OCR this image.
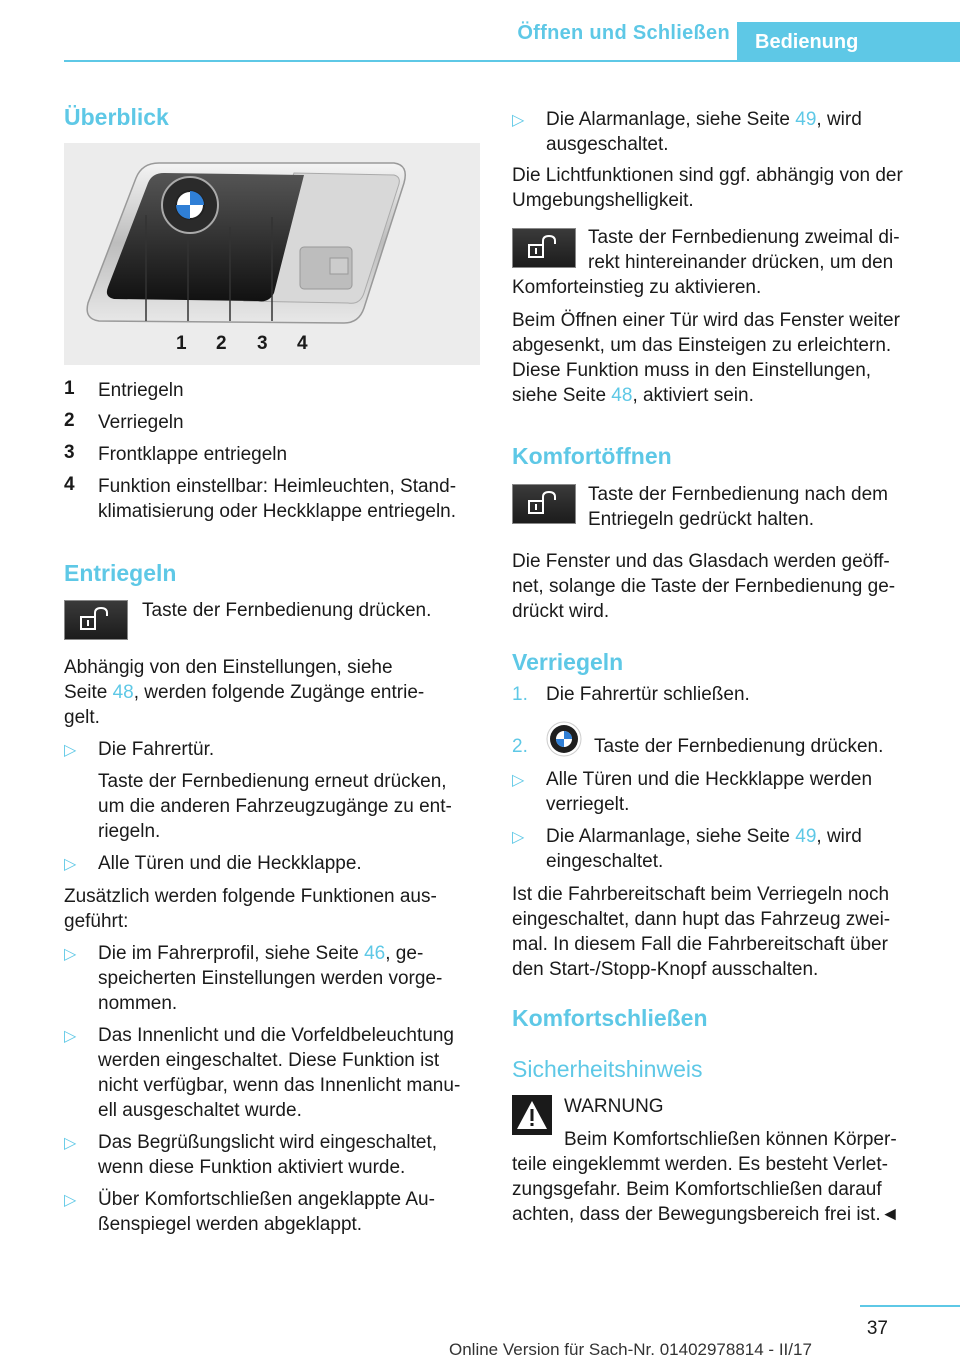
Öffnen und Schließen	Bedienung
Überblick
1 2 3 4
1 Entriegeln
2 Verriegeln
3 Frontklappe entriegeln
4 Funktion einstellbar: Heimleuchten, Stand-
klimatisierung oder Heckklappe entriegeln.
Entriegeln

Taste der Fernbedienung drücken.

Abhängig von den Einstellungen, siehe

Seite 48, werden folgende Zugänge entrie-

gelt.

▷ Die Fahrertür.
Taste der Fernbedienung erneut drücken,
um die anderen Fahrzeugzugänge zu ent-
riegeln.
▷ Alle Türen und die Heckklappe.

Zusätzlich werden folgende Funktionen aus-

geführt:

▷ Die im Fahrerprofil, siehe Seite 46, ge-
speicherten Einstellungen werden vorge-
nommen.
▷ Das Innenlicht und die Vorfeldbeleuchtung
werden eingeschaltet. Diese Funktion ist
nicht verfügbar, wenn das Innenlicht manu-
ell ausgeschaltet wurde.
▷ Das Begrüßungslicht wird eingeschaltet,
wenn diese Funktion aktiviert wurde.
▷ Über Komfortschließen angeklappte Au-
ßenspiegel werden abgeklappt.
▷ Die Alarmanlage, siehe Seite 49, wird
ausgeschaltet.

Die Lichtfunktionen sind ggf. abhängig von der

Umgebungshelligkeit.

Taste der Fernbedienung zweimal di-

rekt hintereinander drücken, um den

Komforteinstieg zu aktivieren.

Beim Öffnen einer Tür wird das Fenster weiter

abgesenkt, um das Einsteigen zu erleichtern.

Diese Funktion muss in den Einstellungen,

siehe Seite 48, aktiviert sein.

Komfortöffnen

Taste der Fernbedienung nach dem

Entriegeln gedrückt halten.

Die Fenster und das Glasdach werden geöff-

net, solange die Taste der Fernbedienung ge-

drückt wird.

Verriegeln
1. Die Fahrertür schließen.
2.	Taste der Fernbedienung drücken.
▷ Alle Türen und die Heckklappe werden
verriegelt.
▷ Die Alarmanlage, siehe Seite 49, wird
eingeschaltet.

Ist die Fahrbereitschaft beim Verriegeln noch

eingeschaltet, dann hupt das Fahrzeug zwei-

mal. In diesem Fall die Fahrbereitschaft über

den Start-/Stopp-Knopf ausschalten.

Komfortschließen
Sicherheitshinweis

WARNUNG

Beim Komfortschließen können Körper-

teile eingeklemmt werden. Es besteht Verlet-

zungsgefahr. Beim Komfortschließen darauf

achten, dass der Bewegungsbereich frei ist.◄

37
Online Version für Sach-Nr. 01402978814 - II/17
